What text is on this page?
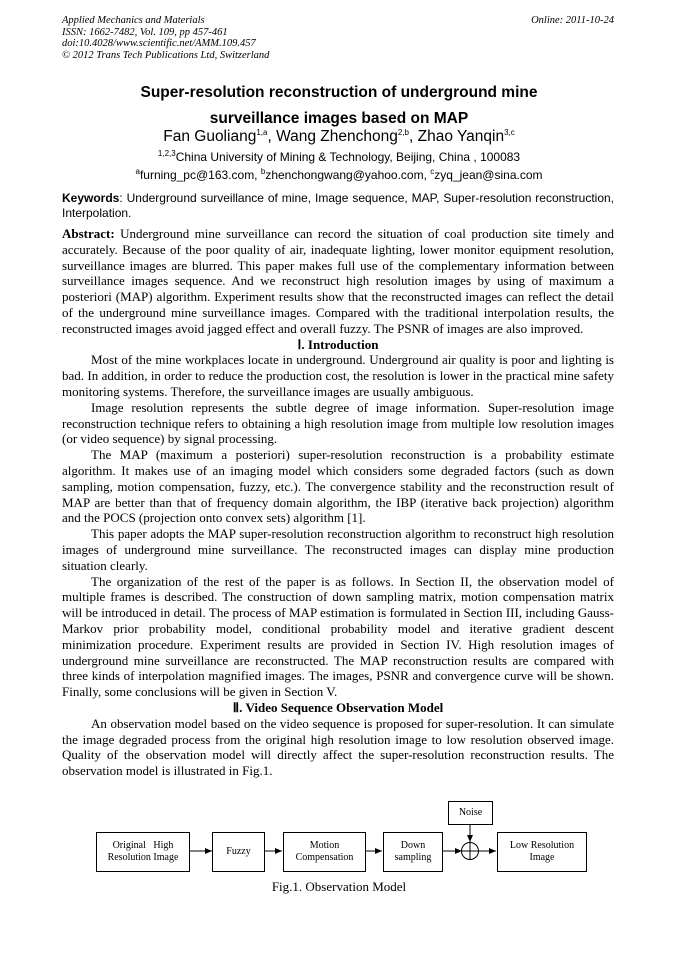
Applied Mechanics and Materials
ISSN: 1662-7482, Vol. 109, pp 457-461
doi:10.4028/www.scientific.net/AMM.109.457
© 2012 Trans Tech Publications Ltd, Switzerland
Online: 2011-10-24
Super-resolution reconstruction of underground mine
surveillance images based on MAP
Fan Guoliang$^{1,a}$, Wang Zhenchong$^{2,b}$, Zhao Yanqin$^{3,c}$
$^{1,2,3}$China University of Mining & Technology, Beijing, China , 100083
$^a$furning_pc@163.com, $^b$zhenchongwang@yahoo.com, $^c$zyq_jean@sina.com
Keywords: Underground surveillance of mine, Image sequence, MAP, Super-resolution reconstruction, Interpolation.

Abstract: Underground mine surveillance can record the situation of coal production site timely and accurately. Because of the poor quality of air, inadequate lighting, lower monitor equipment resolution, surveillance images are blurred. This paper makes full use of the complementary information between surveillance images sequence. And we reconstruct high resolution images by using of maximum a posteriori (MAP) algorithm. Experiment results show that the reconstructed images can reflect the detail of the underground mine surveillance images. Compared with the traditional interpolation results, the reconstructed images avoid jagged effect and overall fuzzy. The PSNR of images are also improved.

Ⅰ. Introduction

Most of the mine workplaces locate in underground. Underground air quality is poor and lighting is bad. In addition, in order to reduce the production cost, the resolution is lower in the practical mine safety monitoring systems. Therefore, the surveillance images are usually ambiguous.

Image resolution represents the subtle degree of image information. Super-resolution image reconstruction technique refers to obtaining a high resolution image from multiple low resolution images (or video sequence) by signal processing.

The MAP (maximum a posteriori) super-resolution reconstruction is a probability estimate algorithm. It makes use of an imaging model which considers some degraded factors (such as down sampling, motion compensation, fuzzy, etc.). The convergence stability and the reconstruction result of MAP are better than that of frequency domain algorithm, the IBP (iterative back projection) algorithm and the POCS (projection onto convex sets) algorithm [1].

This paper adopts the MAP super-resolution reconstruction algorithm to reconstruct high resolution images of underground mine surveillance. The reconstructed images can display mine production situation clearly.

The organization of the rest of the paper is as follows. In Section II, the observation model of multiple frames is described. The construction of down sampling matrix, motion compensation matrix will be introduced in detail. The process of MAP estimation is formulated in Section III, including Gauss-Markov prior probability model, conditional probability model and iterative gradient descent minimization procedure. Experiment results are provided in Section IV. High resolution images of underground mine surveillance are reconstructed. The MAP reconstruction results are compared with three kinds of interpolation magnified images. The images, PSNR and convergence curve will be shown. Finally, some conclusions will be given in Section V.

Ⅱ. Video Sequence Observation Model

An observation model based on the video sequence is proposed for super-resolution. It can simulate the image degraded process from the original high resolution image to low resolution observed image. Quality of the observation model will directly affect the super-resolution reconstruction results. The observation model is illustrated in Fig.1.

Original   High
Resolution Image
Fuzzy
Motion
Compensation
Down
sampling
Noise
Low Resolution
Image
Fig.1. Observation Model
